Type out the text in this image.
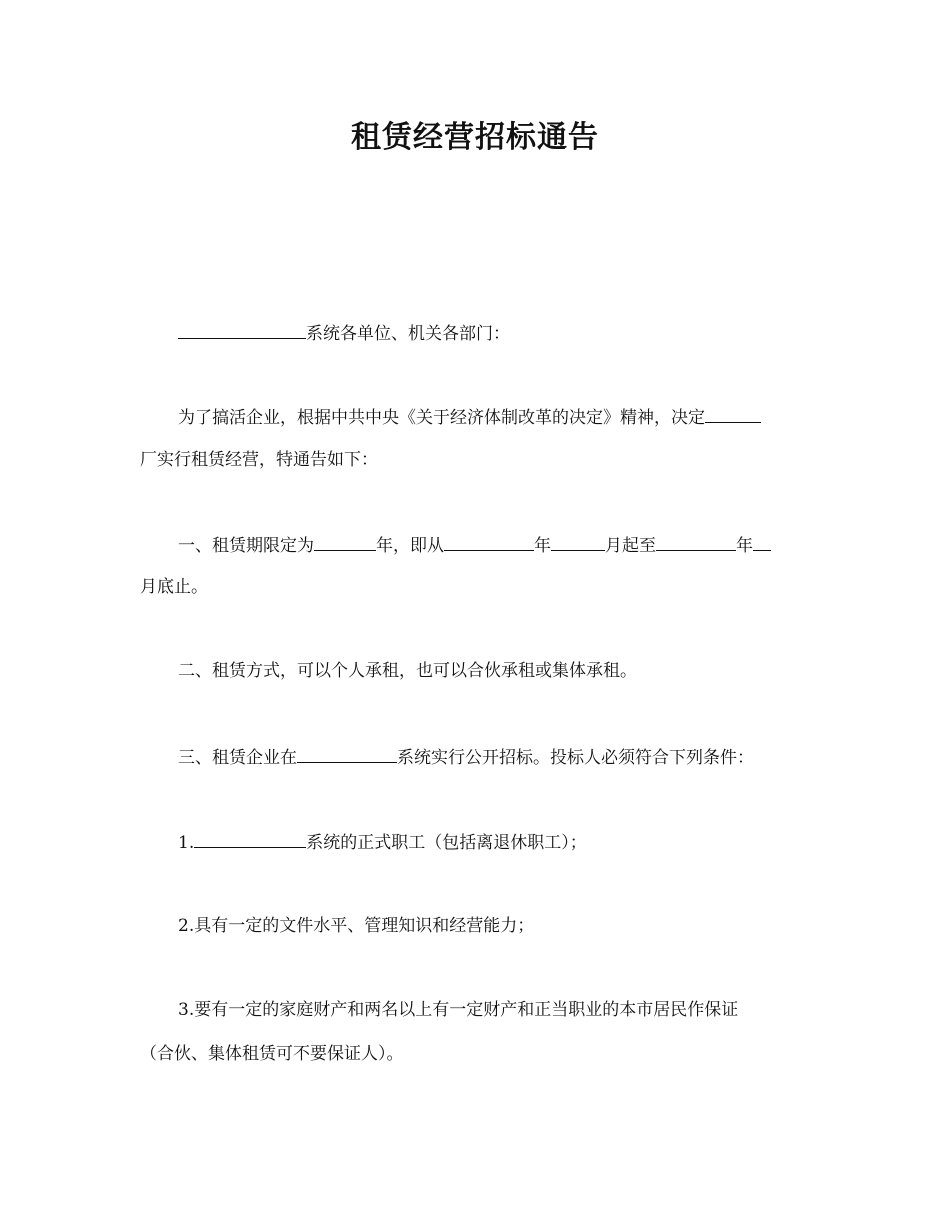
租赁经营招标通告
系统各单位、机关各部门：
为了搞活企业，根据中共中央《关于经济体制改革的决定》精神，决定
厂实行租赁经营，特通告如下：
一、租赁期限定为	年，即从	年	月起至	年
月底止。
二、租赁方式，可以个人承租，也可以合伙承租或集体承租。
三、租赁企业在	系统实行公开招标。投标人必须符合下列条件：
1.	系统的正式职工（包括离退休职工）；
2.具有一定的文件水平、管理知识和经营能力；
3.要有一定的家庭财产和两名以上有一定财产和正当职业的本市居民作保证
（合伙、集体租赁可不要保证人）。
